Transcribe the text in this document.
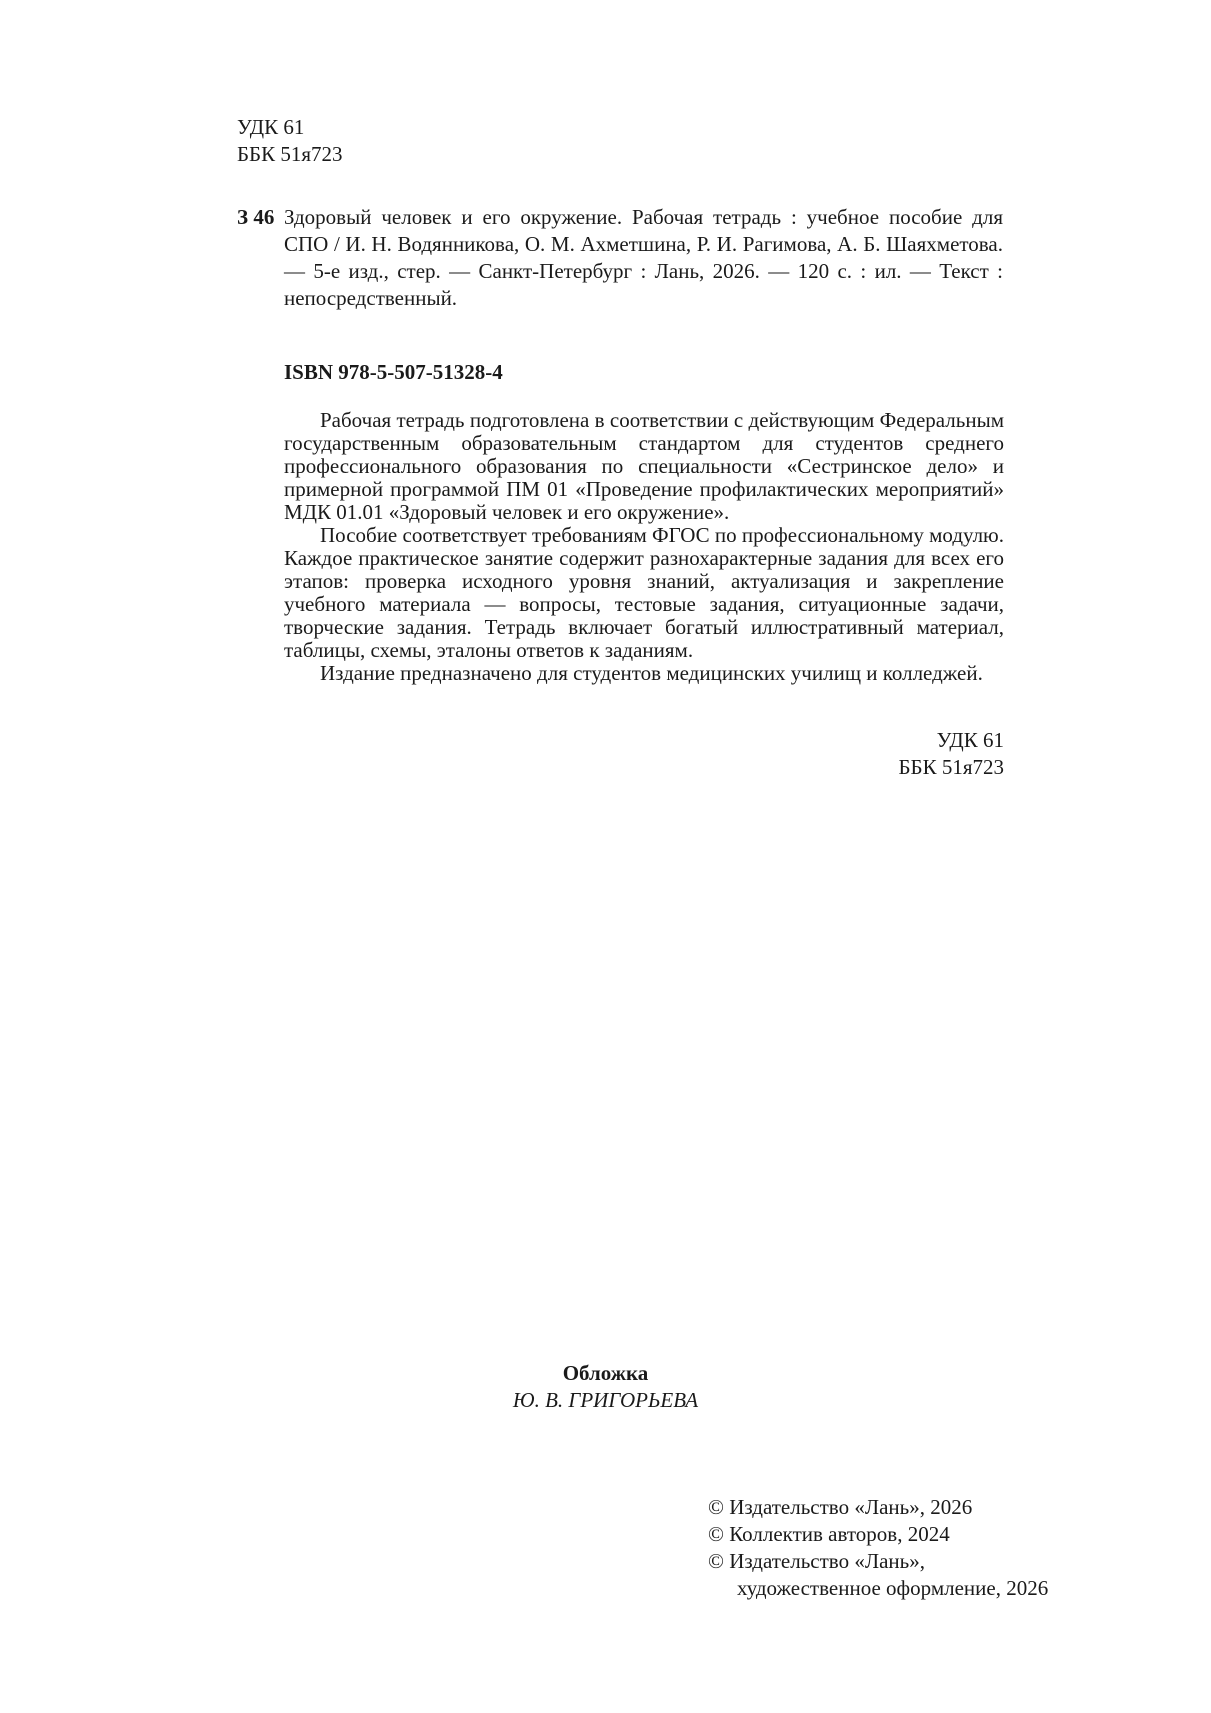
УДК 61
ББК 51я723
З 46 Здоровый человек и его окружение. Рабочая тетрадь : учебное пособие для СПО / И. Н. Водянникова, О. М. Ахметшина, Р. И. Рагимова, А. Б. Шаяхметова. — 5-е изд., стер. — Санкт-Петербург : Лань, 2026. — 120 с. : ил. — Текст : непосредственный.
ISBN 978-5-507-51328-4

Рабочая тетрадь подготовлена в соответствии с действующим Федеральным государственным образовательным стандартом для студентов среднего профессионального образования по специальности «Сестринское дело» и примерной программой ПМ 01 «Проведение профилактических мероприятий» МДК 01.01 «Здоровый человек и его окружение».

Пособие соответствует требованиям ФГОС по профессиональному модулю. Каждое практическое занятие содержит разнохарактерные задания для всех его этапов: проверка исходного уровня знаний, актуализация и закрепление учебного материала — вопросы, тестовые задания, ситуационные задачи, творческие задания. Тетрадь включает богатый иллюстративный материал, таблицы, схемы, эталоны ответов к заданиям.

Издание предназначено для студентов медицинских училищ и колледжей.

УДК 61
ББК 51я723
Обложка
Ю. В. ГРИГОРЬЕВА
© Издательство «Лань», 2026
© Коллектив авторов, 2024
© Издательство «Лань»,
художественное оформление, 2026
